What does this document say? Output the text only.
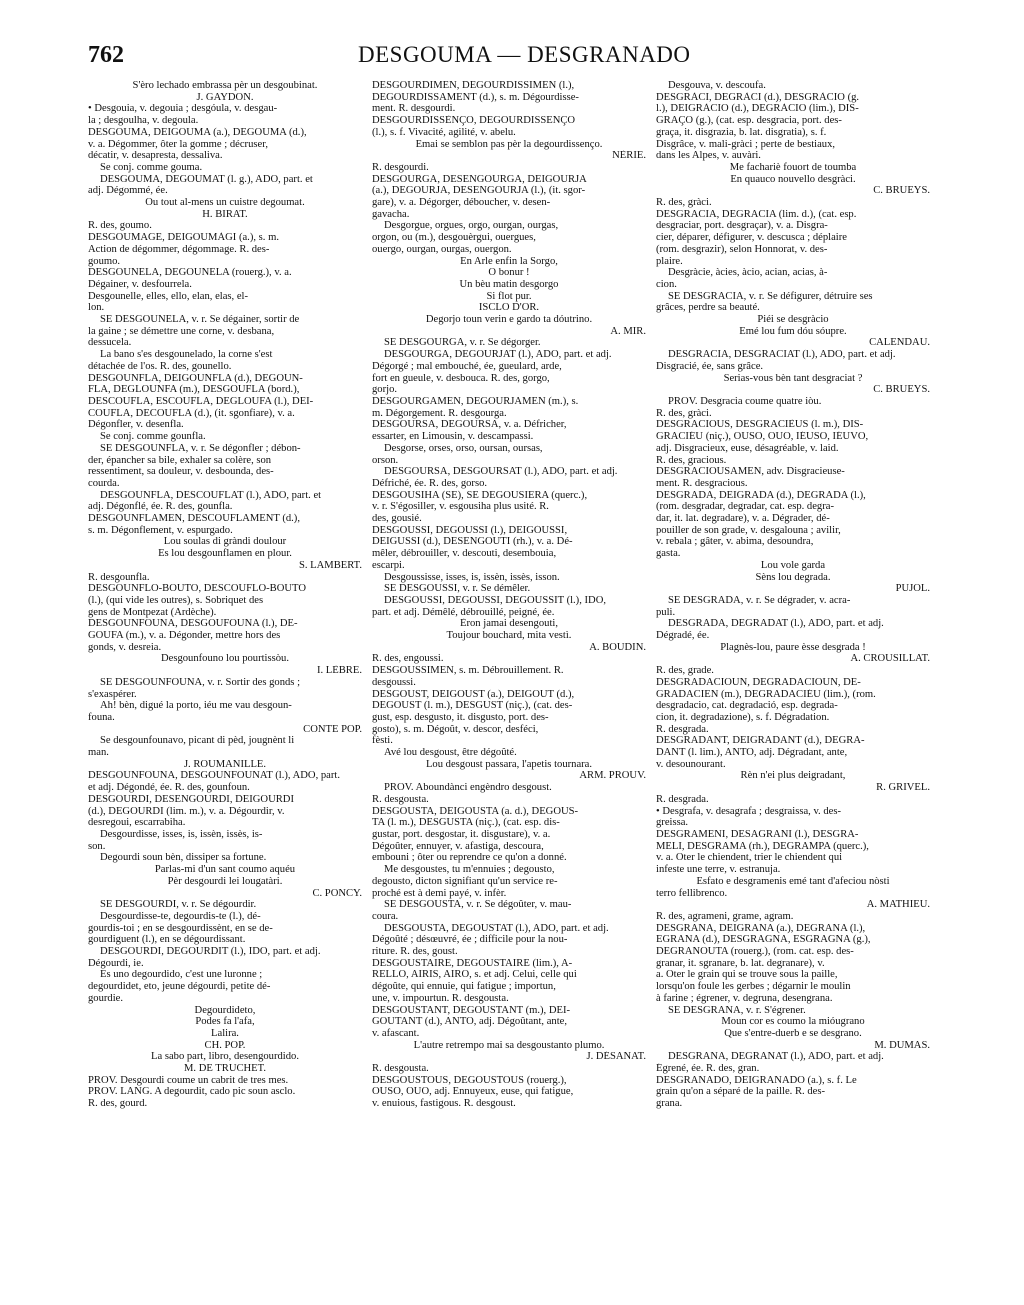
762	DESGOUMA — DESGRANADO
S'èro lechado embrassa pèr un desgoubinat.
J. GAYDON.
• Desgouia, v. degouia ; desgóula, v. desgau-
la ; desgoulha, v. degoula.
DESGOUMA, DEIGOUMA (a.), DEGOUMA (d.),
v. a. Dégommer, ôter la gomme ; décruser,
décatir, v. desapresta, dessaliva.
Se conj. comme gouma.
DESGOUMA, DEGOUMAT (l. g.), ADO, part. et
adj. Dégommé, ée.
Ou tout al-mens un cuistre degoumat.
H. BIRAT.
R. des, goumo.
DESGOUMAGE, DEIGOUMÀGI (a.), s. m.
Action de dégommer, dégommage. R. des-
goumo.
DESGOUNELA, DEGOUNELA (rouerg.), v. a.
Dégainer, v. desfourrela.
Desgounelle, elles, ello, elan, elas, el-
lon.
SE DESGOUNELA, v. r. Se dégainer, sortir de
la gaine ; se démettre une corne, v. desbana,
dessucela.
La bano s'es desgounelado, la corne s'est
détachée de l'os. R. des, gounello.
DESGOUNFLA, DEIGOUNFLA (d.), DEGOUN-
FLA, DEGLOUNFA (m.), DESGOUFLA (bord.),
DESCOUFLA, ESCOUFLA, DEGLOUFA (l.), DEI-
COUFLA, DECOUFLA (d.), (it. sgonfiare), v. a.
Dégonfler, v. desenfla.
Se conj. comme gounfla.
SE DESGOUNFLA, v. r. Se dégonfler ; débon-
der, épancher sa bile, exhaler sa colère, son
ressentiment, sa douleur, v. desbounda, des-
courda.
DESGOUNFLA, DESCOUFLAT (l.), ADO, part. et
adj. Dégonflé, ée. R. des, gounfla.
DESGOUNFLAMEN, DESCOUFLAMENT (d.),
s. m. Dégonflement, v. espurgado.
Lou soulas di gràndi doulour
Es lou desgounflamen en plour.
S. LAMBERT.
R. desgounfla.
DESGOUNFLO-BOUTO, DESCOUFLO-BOUTO
(l.), (qui vide les outres), s. Sobriquet des
gens de Montpezat (Ardèche).
DESGOUNFOUNA, DESGOUFOUNA (l.), DE-
GOUFA (m.), v. a. Dégonder, mettre hors des
gonds, v. desreia.
Desgounfouno lou pourtissòu.
I. LÈBRE.
SE DESGOUNFOUNA, v. r. Sortir des gonds ;
s'exaspérer.
Ah! bèn, digué la porto, iéu me vau desgoun-
founa.
CONTE POP.
Se desgounfounavo, picant di pèd, jougnènt li
man.
J. ROUMANILLE.
DESGOUNFOUNA, DESGOUNFOUNAT (l.), ADO, part.
et adj. Dégondé, ée. R. des, gounfoun.
DESGOURDI, DESENGOURDI, DEIGOURDI
(d.), DEGOURDI (lim. m.), v. a. Dégourdir, v.
desregoui, escarrabiha.
Desgourdisse, isses, is, issèn, issès, is-
son.
Degourdi soun bèn, dissiper sa fortune.
Parlas-mi d'un sant coumo aquéu
Pèr desgourdi lei lougatàri.
C. PONCY.
SE DESGOURDI, v. r. Se dégourdir.
Desgourdisse-te, degourdis-te (l.), dé-
gourdis-toi ; en se desgourdissènt, en se de-
gourdiguent (l.), en se dégourdissant.
DESGOURDI, DEGOURDIT (l.), IDO, part. et adj.
Dégourdi, ie.
Es uno degourdido, c'est une luronne ;
degourdidet, eto, jeune dégourdi, petite dé-
gourdie.
Degourdideto,
Podes fa l'afa,
Lalira.
CH. POP.
La sabo part, libro, desengourdido.
M. DE TRUCHET.
PROV. Desgourdi coume un cabrit de tres mes.
PROV. LANG. A degourdit, cado pic soun asclo.
R. des, gourd.
DESGOURDIMEN, DEGOURDISSIMEN (l.),
DEGOURDISSAMENT (d.), s. m. Dégourdisse-
ment. R. desgourdi.
DESGOURDISSÈNÇO, DEGOURDISSENÇO
(l.), s. f. Vivacité, agilité, v. abelu.
Emai se semblon pas pèr la degourdissenço.
NÈRIE.
R. desgourdi.
DESGOURGA, DESENGOURGA, DEIGOURJA
(a.), DEGOURJA, DESENGOURJA (l.), (it. sgor-
gare), v. a. Dégorger, déboucher, v. desen-
gavacha.
Desgorgue, orgues, orgo, ourgan, ourgas,
orgon, ou (m.), desgouèrgui, ouergues,
ouergo, ourgan, ourgas, ouergon.
En Arle enfin la Sorgo,
O bonur !
Un bèu matin desgorgo
Si flot pur.
ISCLO D'OR.
Degorjo toun verin e gardo ta dóutrino.
A. MIR.
SE DESGOURGA, v. r. Se dégorger.
DESGOURGA, DEGOURJAT (l.), ADO, part. et adj.
Dégorgé ; mal embouché, ée, gueulard, arde,
fort en gueule, v. desbouca. R. des, gorgo,
gorjo.
DESGOURGAMEN, DEGOURJAMEN (m.), s.
m. Dégorgement. R. desgourga.
DESGOURSA, DEGOURSA, v. a. Défricher,
essarter, en Limousin, v. descampassi.
Desgorse, orses, orso, oursan, oursas,
orson.
DESGOURSA, DESGOURSAT (l.), ADO, part. et adj.
Défriché, ée. R. des, gorso.
DESGOUSIHA (SE), SE DEGOUSIERA (querc.),
v. r. S'égosiller, v. esgousiha plus usité. R.
des, gousié.
DESGOUSSI, DEGOUSSI (l.), DEIGÓUSSI,
DEIGUSSI (d.), DESENGOUTI (rh.), v. a. Dé-
mêler, débrouiller, v. descouti, desembouia,
escarpi.
Desgoussisse, isses, is, issèn, issès, isson.
SE DESGOUSSI, v. r. Se démêler.
DESGOUSSI, DEGOUSSI, DEGOUSSIT (l.), IDO,
part. et adj. Démêlé, débrouillé, peigné, ée.
Èron jamai desengouti,
Toujour bouchard, mita vestì.
A. BOUDIN.
R. des, engoussi.
DESGOUSSIMEN, s. m. Débrouillement. R.
desgoussi.
DESGOUST, DEIGOUST (a.), DEIGOUT (d.),
DEGOUST (l. m.), DESGUST (niç.), (cat. des-
gust, esp. desgusto, it. disgusto, port. des-
gosto), s. m. Dégoût, v. descor, desféci,
fèsti.
Avé lou desgoust, être dégoûté.
Lou desgoust passara, l'apetis tournara.
ARM. PROUV.
PROV. Aboundànci engèndro desgoust.
R. desgousta.
DESGOUSTA, DEIGOUSTA (a. d.), DEGOUS-
TA (l. m.), DESGUSTA (niç.), (cat. esp. dis-
gustar, port. desgostar, it. disgustare), v. a.
Dégoûter, ennuyer, v. afastiga, descoura,
embouni ; ôter ou reprendre ce qu'on a donné.
Me desgoustes, tu m'ennuies ; degousto,
degousto, dicton signifiant qu'un service re-
proché est à demi payé, v. infèr.
SE DESGOUSTA, v. r. Se dégoûter, v. mau-
coura.
DESGOUSTA, DEGOUSTAT (l.), ADO, part. et adj.
Dégoûté ; désœuvré, ée ; difficile pour la nou-
riture. R. des, goust.
DESGOUSTAIRE, DEGOUSTAIRE (lim.), A-
RELLO, AIRIS, AIRO, s. et adj. Celui, celle qui
dégoûte, qui ennuie, qui fatigue ; importun,
une, v. impourtun. R. desgousta.
DESGOUSTANT, DEGOUSTANT (m.), DEI-
GOUTANT (d.), ANTO, adj. Dégoûtant, ante,
v. afascant.
L'autre retrempo mai sa desgoustanto plumo.
J. DÉSANAT.
R. desgousta.
DESGOUSTOUS, DEGOUSTOUS (rouerg.),
OUSO, OUO, adj. Ennuyeux, euse, qui fatigue,
v. enuious, fastigous. R. desgoust.
Desgouva, v. descoufa.
DESGRÀCI, DEGRÀCI (d.), DESGRÀCIO (g.
l.), DEIGRÀCIO (d.), DEGRÀCIO (lim.), DIS-
GRAÇO (g.), (cat. esp. desgracia, port. des-
graça, it. disgrazia, b. lat. disgratia), s. f.
Disgrâce, v. mali-gràci ; perte de bestiaux,
dans les Alpes, v. auvàri.
Me fachariè fouort de toumba
En quauco nouvello desgràci.
C. BRUEYS.
R. des, gràci.
DESGRACIA, DEGRACIA (lim. d.), (cat. esp.
desgraciar, port. desgraçar), v. a. Disgra-
cier, déparer, défigurer, v. descusca ; déplaire
(rom. desgrazir), selon Honnorat, v. des-
plaire.
Desgràcie, àcies, àcio, acian, acias, à-
cion.
SE DESGRACIA, v. r. Se défigurer, détruire ses
grâces, perdre sa beauté.
Piéi se desgràcio
Emé lou fum dóu sóupre.
CALENDAU.
DESGRACIA, DESGRACIAT (l.), ADO, part. et adj.
Disgracié, ée, sans grâce.
Serias-vous bèn tant desgraciat ?
C. BRUEYS.
PROV. Desgracia coume quatre iòu.
R. des, gràci.
DESGRACIOUS, DESGRACIÈUS (l. m.), DIS-
GRACIÉU (niç.), OUSO, OUO, IÉUSO, IÉUVO,
adj. Disgracieux, euse, désagréable, v. laid.
R. des, gracious.
DESGRACIOUSAMEN, adv. Disgracieuse-
ment. R. desgracious.
DESGRADA, DEIGRADA (d.), DEGRADA (l.),
(rom. desgradar, degradar, cat. esp. degra-
dar, it. lat. degradare), v. a. Dégrader, dé-
pouiller de son grade, v. desgalouna ; avilir,
v. rebala ; gâter, v. abima, desoundra,
gasta.
Lou vole garda
Sèns lou degrada.
PUJOL.
SE DESGRADA, v. r. Se dégrader, v. acra-
puli.
DESGRADA, DEGRADAT (l.), ADO, part. et adj.
Dégradé, ée.
Plagnès-lou, paure èsse desgrada !
A. CROUSILLAT.
R. des, grade.
DESGRADACIOUN, DEGRADACIOUN, DE-
GRADACIEN (m.), DEGRADACIÉU (lim.), (rom.
desgradacio, cat. degradació, esp. degrada-
cion, it. degradazione), s. f. Dégradation.
R. desgrada.
DESGRADANT, DEIGRADANT (d.), DEGRA-
DANT (l. lim.), ANTO, adj. Dégradant, ante,
v. desounourant.
Rèn n'ei plus deigradant,
R. GRIVEL.
R. desgrada.
• Desgrafa, v. desagrafa ; desgraissa, v. des-
greissa.
DESGRAMENI, DESAGRANI (l.), DESGRA-
MELI, DESGRAMA (rh.), DEGRAMPA (querc.),
v. a. Oter le chiendent, trier le chiendent qui
infeste une terre, v. estranuja.
Esfato e desgramenis emé tant d'afeciou nòsti
terro fellibrenco.
A. MATHIEU.
R. des, agrameni, grame, agram.
DESGRANA, DEIGRANA (a.), DEGRANA (l.),
EGRANA (d.), DESGRAGNA, ESGRAGNA (g.),
DEGRANOUTA (rouerg.), (rom. cat. esp. des-
granar, it. sgranare, b. lat. degranare), v.
a. Oter le grain qui se trouve sous la paille,
lorsqu'on foule les gerbes ; dégarnir le moulin
à farine ; égrener, v. degruna, desengrana.
SE DESGRANA, v. r. S'égrener.
Moun cor es coumo la mióugrano
Que s'entre-duerb e se desgrano.
M. DUMAS.
DESGRANA, DEGRANAT (l.), ADO, part. et adj.
Égrené, ée. R. des, gran.
DESGRANADO, DEIGRANADO (a.), s. f. Le
grain qu'on a séparé de la paille. R. des-
grana.
